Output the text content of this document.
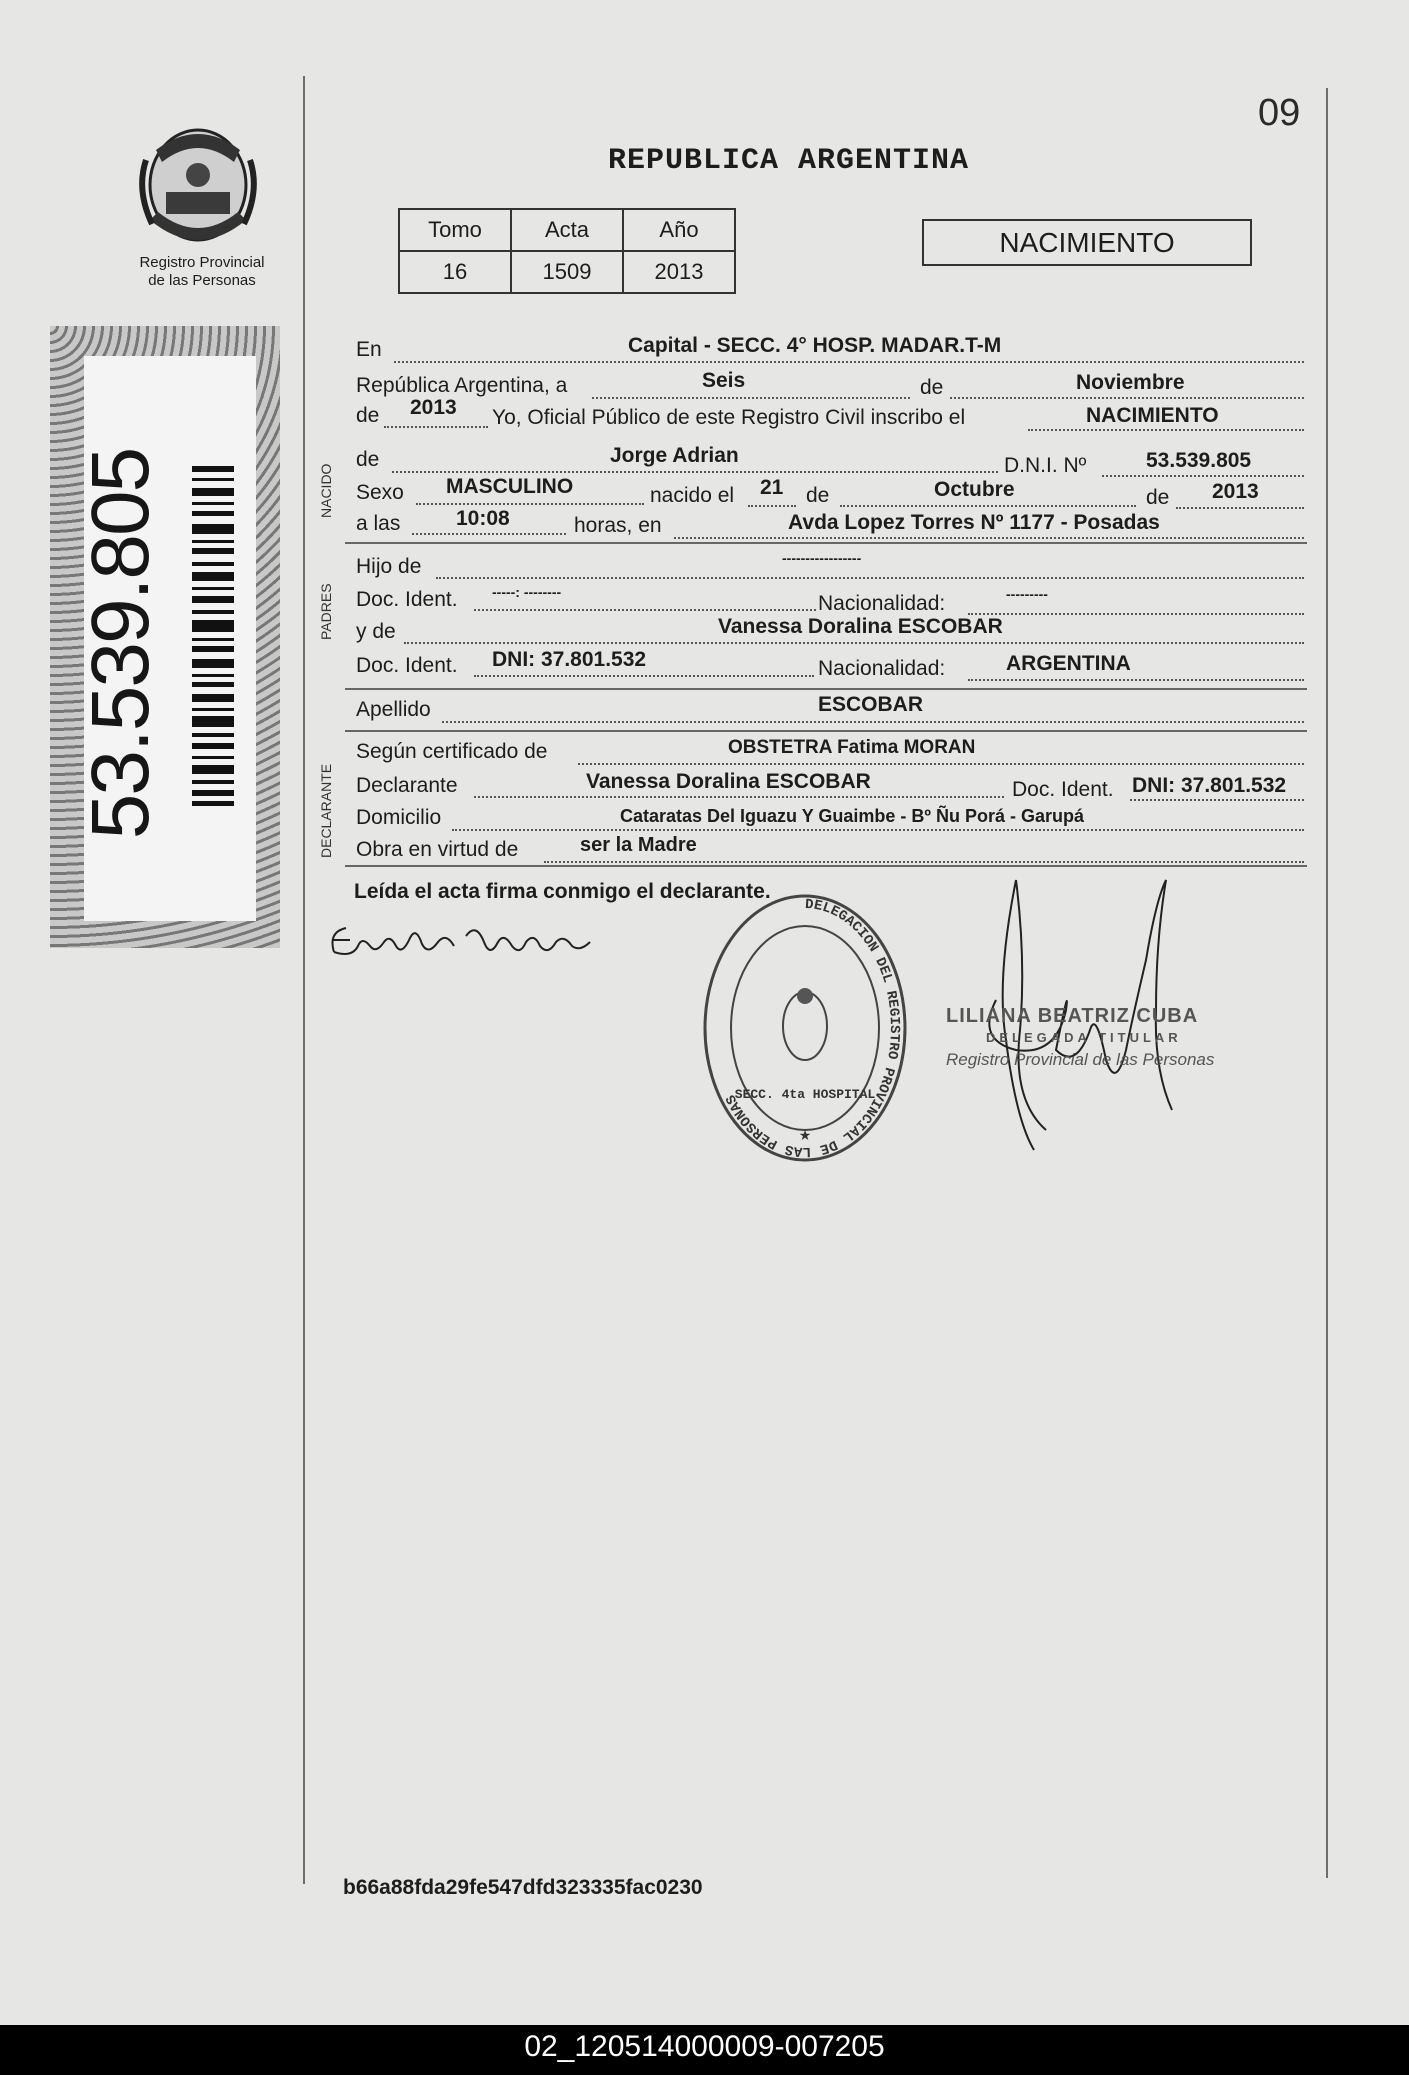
09
Registro Provincial
de las Personas
53.539.805
REPUBLICA ARGENTINA
Tomo	Acta	Año
16	1509	2013
NACIMIENTO
NACIDO
PADRES
DECLARANTE
En	Capital - SECC. 4° HOSP. MADAR.T-M
República Argentina, a	Seis	de	Noviembre
de 2013 Yo, Oficial Público de este Registro Civil inscribo el	NACIMIENTO
de	Jorge Adrian	D.N.I. Nº	53.539.805
Sexo MASCULINO	nacido el 21 de	Octubre	de 2013
a las	10:08	horas, en	Avda Lopez Torres Nº 1177 - Posadas
Hijo de	-----------------
Doc. Ident. -----: --------	Nacionalidad:	---------
y de	Vanessa Doralina ESCOBAR
Doc. Ident. DNI: 37.801.532	Nacionalidad:	ARGENTINA
Apellido	ESCOBAR
Según certificado de	OBSTETRA Fatima MORAN
Declarante	Vanessa Doralina ESCOBAR	Doc. Ident. DNI: 37.801.532
Domicilio	Cataratas Del Iguazu Y Guaimbe - Bº Ñu Porá - Garupá
Obra en virtud de	ser la Madre
Leída el acta firma conmigo el declarante.
DELEGACION DEL REGISTRO PROVINCIAL DE LAS PERSONAS
SECC. 4ta HOSPITAL
★
LILIANA BEATRIZ CUBA
DELEGADA TITULAR
Registro Provincial de las Personas
b66a88fda29fe547dfd323335fac0230
02_120514000009-007205
